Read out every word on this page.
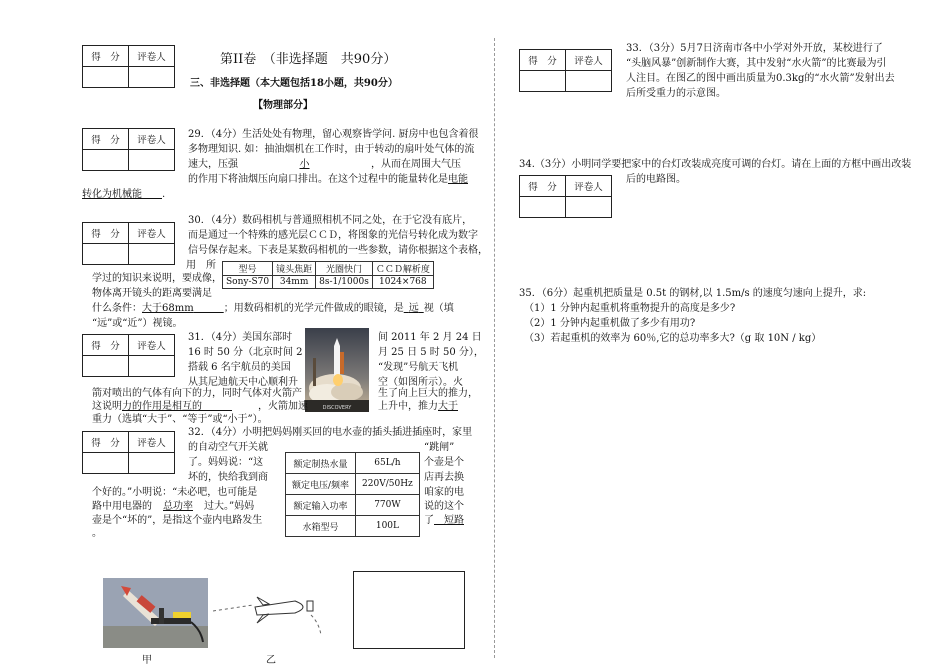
得　分	评卷人
		第II卷　（非选择题　共90分）
三、非选择题（本大题包括18小题，共90分）
【物理部分】
得　分	评卷人

29．（4分）生活处处有物理，留心观察皆学问. 厨房中也包含着很
多物理知识. 如：抽油烟机在工作时，由于转动的扇叶处气体的流
速大，压强	小	，从而在周围大气压
的作用下将油烟压向扇口排出。在这个过程中的能量转化是电能
转化为机械能　　 .
得　分	评卷人

30．（4分）数码相机与普通照相机不同之处，在于它没有底片，
而是通过一个特殊的感光层ＣＣＤ，将图象的光信号转化成为数字
信号保存起来。下表是某数码相机的一些参数，请你根据这个表格，
用　所	型号	镜头焦距	光圈快门	ＣＣＤ解析度
Sony-S70	34mm	8s-1/1000s	1024×768
学过的知识来说明，要成像，
物体离开镜头的距离要满足
什么条件：大于68mm　　　	；用数码相机的光学元件做成的眼镜，是  远  视（填
“远”或“近”）视镜。
得　分	评卷人

31．（4分）美国东部时
16 时 50 分（北京时间 2
搭载 6 名宇航员的美国
从其尼迪航天中心顺利升
间 2011 年 2 月 24 日
月 25 日 5 时 50 分），
“发现”号航天飞机
空（如图所示）。火
DISCOVERY
箭对喷出的气体有向下的力，同时气体对火箭产	生了向上巨大的推力，
这说明力的作用是相互的　　　	，火箭加速	上升中，推力大于
重力（选填“大于”、“等于”或“小于”）。
得　分	评卷人

32．（4分）小明把妈妈刚买回的电水壶的插头插进插座时，家里
的自动空气开关就	“跳闸”
了。妈妈说：“这	个壶是个
坏的，快给我到商	店再去换
个好的。”小明说：“未必吧，也可能是	咱家的电
路中用电器的 总功率 过大。”妈妈	说的这个
壶是个“坏的”，是指这个壶内电路发生	了   短路
。
额定制热水量	65L/h
额定电压/频率	220V/50Hz
额定输入功率	770W
水箱型号	100L
甲	乙
得　分	评卷人

33．（3分）5月7日济南市各中小学对外开放，某校进行了
“头脑风暴”创新制作大赛，其中发射“水火箭”的比赛最为引
人注目。在图乙的图中画出质量为0.3kg的“水火箭”发射出去
后所受重力的示意图。
34.（3分）小明同学要把家中的台灯改装成亮度可调的台灯。请在上面的方框中画出改装
得　分	评卷人

后的电路图。
35．（6分）起重机把质量是 0.5t 的钢材,以 1.5m/s 的速度匀速向上提升，求:
（1）1 分钟内起重机将重物提升的高度是多少?
（2）1 分钟内起重机做了多少有用功?
（3）若起重机的效率为 60％,它的总功率多大?（g 取 10N / kg）
